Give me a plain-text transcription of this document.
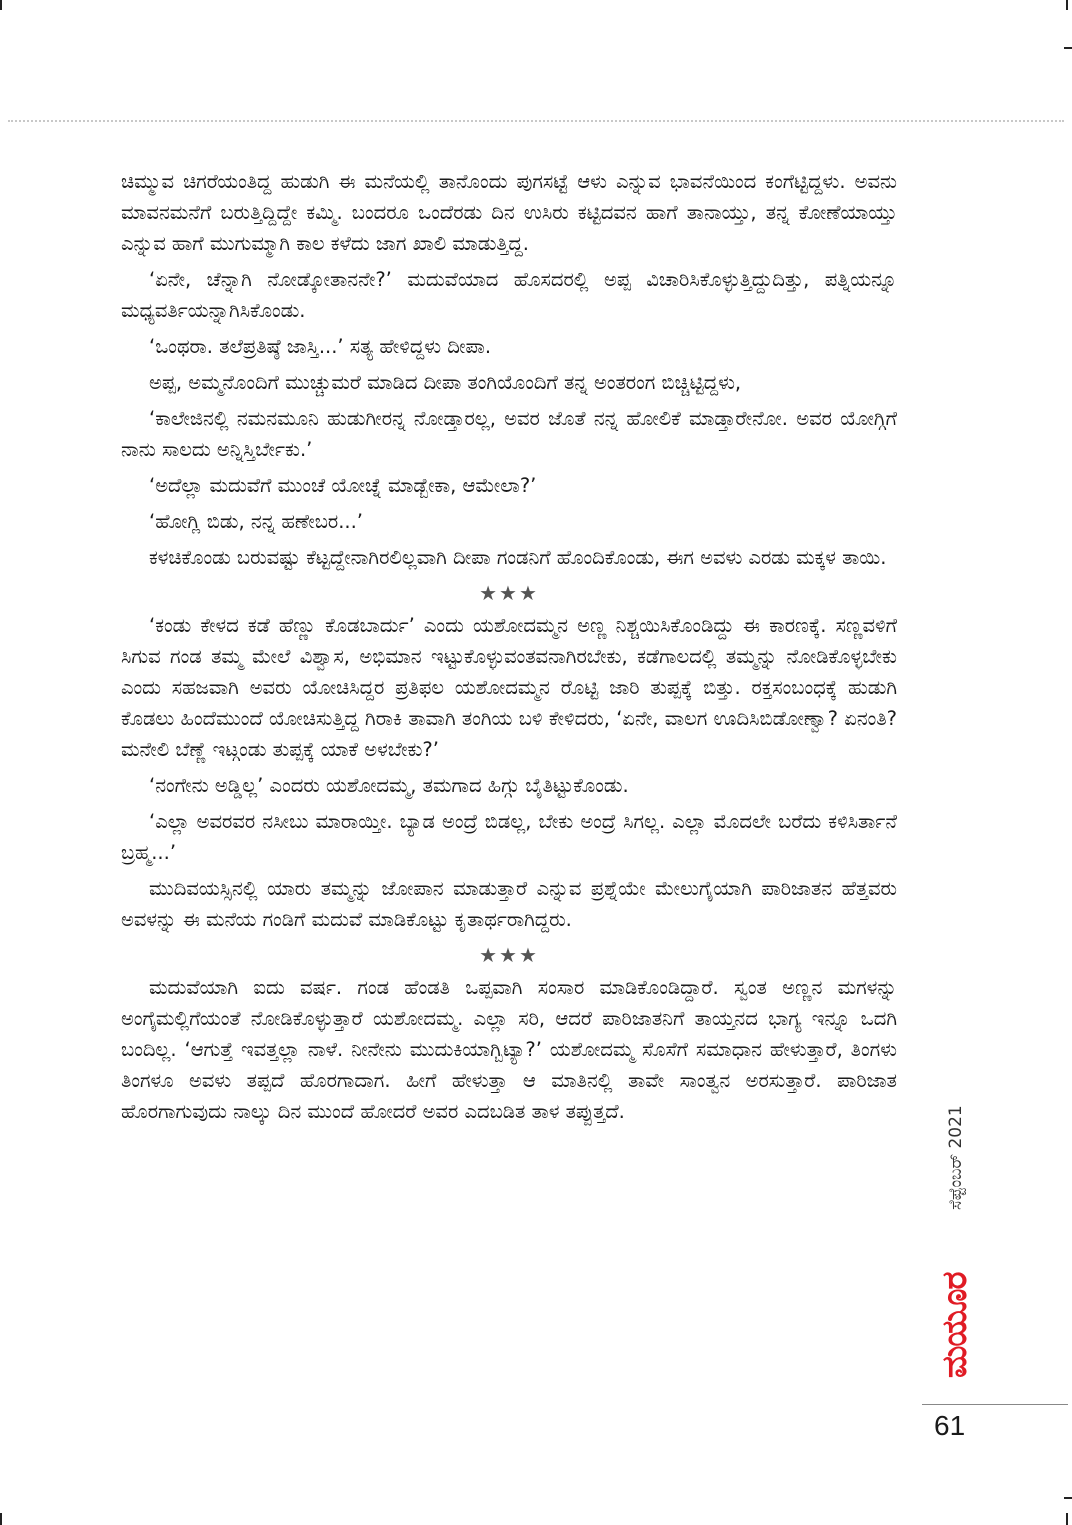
ಚಿಮ್ಮುವ ಚಿಗರೆಯಂತಿದ್ದ ಹುಡುಗಿ ಈ ಮನೆಯಲ್ಲಿ ತಾನೊಂದು ಪುಗಸಟ್ಟೆ ಆಳು ಎನ್ನುವ ಭಾವನೆಯಿಂದ ಕಂಗೆಟ್ಟಿದ್ದಳು. ಅವನು ಮಾವನಮನೆಗೆ ಬರುತ್ತಿದ್ದಿದ್ದೇ ಕಮ್ಮಿ. ಬಂದರೂ ಒಂದೆರಡು ದಿನ ಉಸಿರು ಕಟ್ಟಿದವನ ಹಾಗೆ ತಾನಾಯ್ತು, ತನ್ನ ಕೋಣೆಯಾಯ್ತು ಎನ್ನುವ ಹಾಗೆ ಮುಗುಮ್ಮಾಗಿ ಕಾಲ ಕಳೆದು ಜಾಗ ಖಾಲಿ ಮಾಡುತ್ತಿದ್ದ.

‘ಏನೇ, ಚೆನ್ನಾಗಿ ನೋಡ್ಕೋತಾನನೇ?’ ಮದುವೆಯಾದ ಹೊಸದರಲ್ಲಿ ಅಪ್ಪ ವಿಚಾರಿಸಿಕೊಳ್ಳುತ್ತಿದ್ದುದಿತ್ತು, ಪತ್ನಿಯನ್ನೂ ಮಧ್ಯವರ್ತಿಯನ್ನಾಗಿಸಿಕೊಂಡು.

‘ಒಂಥರಾ. ತಲೆಪ್ರತಿಷ್ಠೆ ಜಾಸ್ತಿ...’ ಸತ್ಯ ಹೇಳಿದ್ದಳು ದೀಪಾ.

ಅಪ್ಪ, ಅಮ್ಮನೊಂದಿಗೆ ಮುಚ್ಚುಮರೆ ಮಾಡಿದ ದೀಪಾ ತಂಗಿಯೊಂದಿಗೆ ತನ್ನ ಅಂತರಂಗ ಬಿಚ್ಚಿಟ್ಟಿದ್ದಳು,

‘ಕಾಲೇಜಿನಲ್ಲಿ ನಮನಮೂನಿ ಹುಡುಗೀರನ್ನ ನೋಡ್ತಾರಲ್ಲ, ಅವರ ಜೊತೆ ನನ್ನ ಹೋಲಿಕೆ ಮಾಡ್ತಾರೇನೋ. ಅವರ ಯೋಗ್ಗಿಗೆ ನಾನು ಸಾಲದು ಅನ್ನಿಸ್ತಿರ್ಬೇಕು.’

‘ಅದೆಲ್ಲಾ ಮದುವೆಗೆ ಮುಂಚೆ ಯೋಚ್ನೆ ಮಾಡ್ಬೇಕಾ, ಆಮೇಲಾ?’

‘ಹೋಗ್ಲಿ ಬಿಡು, ನನ್ನ ಹಣೇಬರ...’

ಕಳಚಿಕೊಂಡು ಬರುವಷ್ಟು ಕೆಟ್ಟದ್ದೇನಾಗಿರಲಿಲ್ಲವಾಗಿ ದೀಪಾ ಗಂಡನಿಗೆ ಹೊಂದಿಕೊಂಡು, ಈಗ ಅವಳು ಎರಡು ಮಕ್ಕಳ ತಾಯಿ.

★★★

‘ಕಂಡು ಕೇಳದ ಕಡೆ ಹೆಣ್ಣು ಕೊಡಬಾರ್ದು’ ಎಂದು ಯಶೋದಮ್ಮನ ಅಣ್ಣ ನಿಶ್ಚಯಿಸಿಕೊಂಡಿದ್ದು ಈ ಕಾರಣಕ್ಕೆ. ಸಣ್ಣವಳಿಗೆ ಸಿಗುವ ಗಂಡ ತಮ್ಮ ಮೇಲೆ ವಿಶ್ವಾಸ, ಅಭಿಮಾನ ಇಟ್ಟುಕೊಳ್ಳುವಂತವನಾಗಿರಬೇಕು, ಕಡೆಗಾಲದಲ್ಲಿ ತಮ್ಮನ್ನು ನೋಡಿಕೊಳ್ಳಬೇಕು ಎಂದು ಸಹಜವಾಗಿ ಅವರು ಯೋಚಿಸಿದ್ದರ ಪ್ರತಿಫಲ ಯಶೋದಮ್ಮನ ರೊಟ್ಟಿ ಜಾರಿ ತುಪ್ಪಕ್ಕೆ ಬಿತ್ತು. ರಕ್ತಸಂಬಂಧಕ್ಕೆ ಹುಡುಗಿ ಕೊಡಲು ಹಿಂದೆಮುಂದೆ ಯೋಚಿಸುತ್ತಿದ್ದ ಗಿರಾಕಿ ತಾವಾಗಿ ತಂಗಿಯ ಬಳಿ ಕೇಳಿದರು, ‘ಏನೇ, ವಾಲಗ ಊದಿಸಿಬಿಡೋಣ್ವಾ? ಏನಂತಿ? ಮನೇಲಿ ಬೆಣ್ಣೆ ಇಟ್ಗಂಡು ತುಪ್ಪಕ್ಕೆ ಯಾಕೆ ಅಳಬೇಕು?’

‘ನಂಗೇನು ಅಡ್ಡಿಲ್ಲ’ ಎಂದರು ಯಶೋದಮ್ಮ, ತಮಗಾದ ಹಿಗ್ಗು ಬೈತಿಟ್ಟುಕೊಂಡು.

‘ಎಲ್ಲಾ ಅವರವರ ನಸೀಬು ಮಾರಾಯ್ತೀ. ಬ್ಯಾಡ ಅಂದ್ರೆ ಬಿಡಲ್ಲ, ಬೇಕು ಅಂದ್ರೆ ಸಿಗಲ್ಲ. ಎಲ್ಲಾ ಮೊದಲೇ ಬರೆದು ಕಳಿಸಿರ್ತಾನೆ ಬ್ರಹ್ಮ...’

ಮುದಿವಯಸ್ಸಿನಲ್ಲಿ ಯಾರು ತಮ್ಮನ್ನು ಜೋಪಾನ ಮಾಡುತ್ತಾರೆ ಎನ್ನುವ ಪ್ರಶ್ನೆಯೇ ಮೇಲುಗೈಯಾಗಿ ಪಾರಿಜಾತನ ಹೆತ್ತವರು ಅವಳನ್ನು ಈ ಮನೆಯ ಗಂಡಿಗೆ ಮದುವೆ ಮಾಡಿಕೊಟ್ಟು ಕೃತಾರ್ಥರಾಗಿದ್ದರು.

★★★

ಮದುವೆಯಾಗಿ ಐದು ವರ್ಷ. ಗಂಡ ಹೆಂಡತಿ ಒಪ್ಪವಾಗಿ ಸಂಸಾರ ಮಾಡಿಕೊಂಡಿದ್ದಾರೆ. ಸ್ವಂತ ಅಣ್ಣನ ಮಗಳನ್ನು ಅಂಗೈಮಲ್ಲಿಗೆಯಂತೆ ನೋಡಿಕೊಳ್ಳುತ್ತಾರೆ ಯಶೋದಮ್ಮ. ಎಲ್ಲಾ ಸರಿ, ಆದರೆ ಪಾರಿಜಾತನಿಗೆ ತಾಯ್ತನದ ಭಾಗ್ಯ ಇನ್ನೂ ಒದಗಿ ಬಂದಿಲ್ಲ. ‘ಆಗುತ್ತೆ ಇವತ್ತಲ್ಲಾ ನಾಳೆ. ನೀನೇನು ಮುದುಕಿಯಾಗ್ಬಿಟ್ಯಾ?’ ಯಶೋದಮ್ಮ ಸೊಸೆಗೆ ಸಮಾಧಾನ ಹೇಳುತ್ತಾರೆ, ತಿಂಗಳು ತಿಂಗಳೂ ಅವಳು ತಪ್ಪದೆ ಹೊರಗಾದಾಗ. ಹೀಗೆ ಹೇಳುತ್ತಾ ಆ ಮಾತಿನಲ್ಲಿ ತಾವೇ ಸಾಂತ್ವನ ಅರಸುತ್ತಾರೆ. ಪಾರಿಜಾತ ಹೊರಗಾಗುವುದು ನಾಲ್ಕು ದಿನ ಮುಂದೆ ಹೋದರೆ ಅವರ ಎದಬಡಿತ ತಾಳ ತಪ್ಪುತ್ತದೆ.	ಸೆಪ್ಟೆಂಬರ್ 2021
ಮಯೂರ
61
